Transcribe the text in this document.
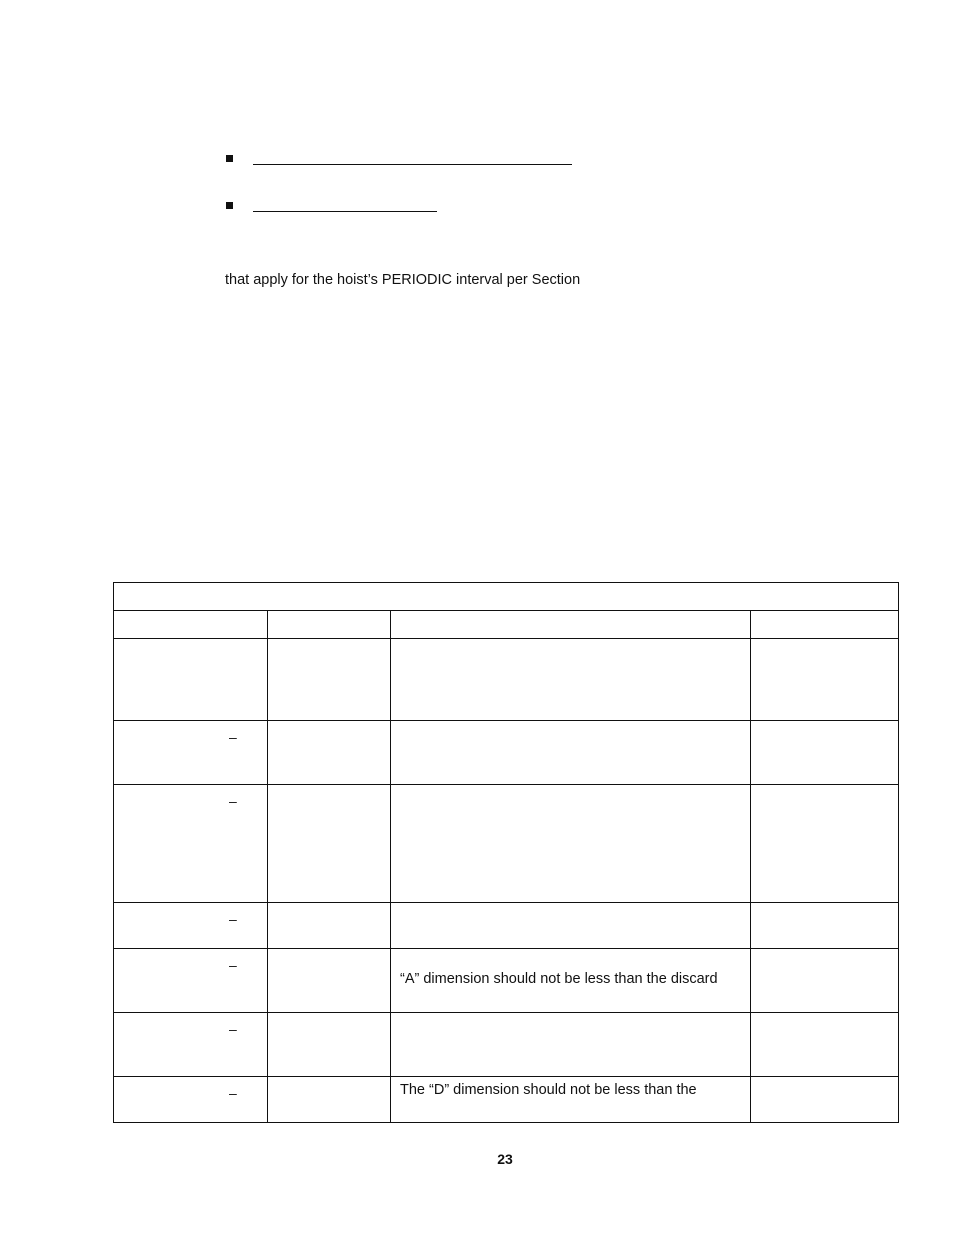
that apply for the hoist’s PERIODIC interval per Section

–			

–			

–			

–		“A” dimension should not be less than the discard	

–			

–		The “D” dimension should not be less than the	

23
